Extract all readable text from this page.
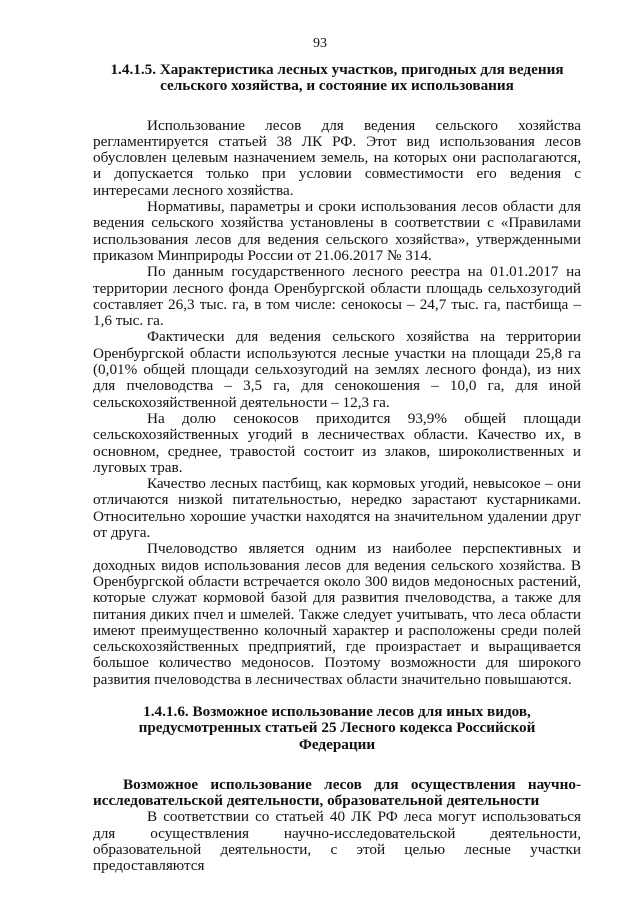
93
1.4.1.5. Характеристика лесных участков, пригодных для ведения сельского хозяйства, и состояние их использования

Использование лесов для ведения сельского хозяйства регламентируется статьей 38 ЛК РФ. Этот вид использования лесов обусловлен целевым назначением земель, на которых они располагаются, и допускается только при условии совместимости его ведения с интересами лесного хозяйства.

Нормативы, параметры и сроки использования лесов области для ведения сельского хозяйства установлены в соответствии с «Правилами использования лесов для ведения сельского хозяйства», утвержденными приказом Минприроды России от 21.06.2017 № 314.

По данным государственного лесного реестра на 01.01.2017 на территории лесного фонда Оренбургской области площадь сельхозугодий составляет 26,3 тыс. га, в том числе: сенокосы – 24,7 тыс. га, пастбища – 1,6 тыс. га.

Фактически для ведения сельского хозяйства на территории Оренбургской области используются лесные участки на площади 25,8 га (0,01% общей площади сельхозугодий на землях лесного фонда), из них для пчеловодства – 3,5 га, для сенокошения – 10,0 га, для иной сельскохозяйственной деятельности – 12,3 га.

На долю сенокосов приходится 93,9% общей площади сельскохозяйственных угодий в лесничествах области. Качество их, в основном, среднее, травостой состоит из злаков, широколиственных и луговых трав.

Качество лесных пастбищ, как кормовых угодий, невысокое – они отличаются низкой питательностью, нередко зарастают кустарниками. Относительно хорошие участки находятся на значительном удалении друг от друга.

Пчеловодство является одним из наиболее перспективных и доходных видов использования лесов для ведения сельского хозяйства. В Оренбургской области встречается около 300 видов медоносных растений, которые служат кормовой базой для развития пчеловодства, а также для питания диких пчел и шмелей. Также следует учитывать, что леса области имеют преимущественно колочный характер и расположены среди полей сельскохозяйственных предприятий, где произрастает и выращивается большое количество медоносов. Поэтому возможности для широкого развития пчеловодства в лесничествах области значительно повышаются.

1.4.1.6. Возможное использование лесов для иных видов, предусмотренных статьей 25 Лесного кодекса Российской Федерации

Возможное использование лесов для осуществления научно-исследовательской деятельности, образовательной деятельности

В соответствии со статьей 40 ЛК РФ леса могут использоваться для осуществления научно-исследовательской деятельности, образовательной деятельности, с этой целью лесные участки предоставляются
